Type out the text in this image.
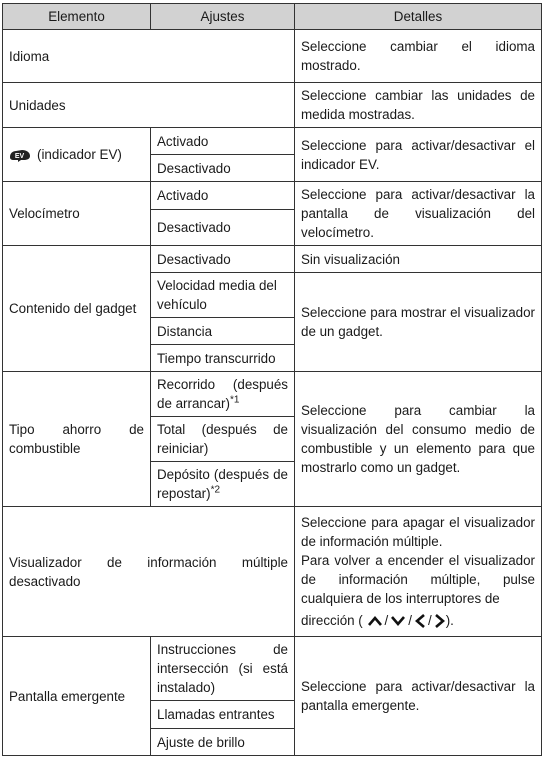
Elemento	Ajustes	Detalles
Idioma		Seleccione cambiar el idioma mostrado.
Unidades		Seleccione cambiar las unidades de medida mostradas.

EV (indicador EV)	Activado	Seleccione para activar/desactivar el indicador EV.
	Desactivado	
Velocímetro	Activado	Seleccione para activar/desactivar la pantalla de visualización del velocímetro.
	Desactivado	
Contenido del gadget	Desactivado	Sin visualización
	Velocidad media del vehículo	Seleccione para mostrar el visualizador de un gadget.
	Distancia	
	Tiempo transcurrido	
Tipo ahorro de combustible	Recorrido (después de arrancar)$^{*1}$	Seleccione para cambiar la visualización del consumo medio de combustible y un elemento para que mostrarlo como un gadget.
	Total (después de reiniciar)	
	Depósito (después de repostar)$^{*2}$
Visualizador de información múltiple desactivado		Seleccione para apagar el visualizador de información múltiple.
Para volver a encender el visualizador de información múltiple, pulse cualquiera de los interruptores de
dirección ( / / / ).

Pantalla emergente	Instrucciones de intersección (si está instalado)	Seleccione para activar/desactivar la pantalla emergente.
	Llamadas entrantes	
	Ajuste de brillo	
